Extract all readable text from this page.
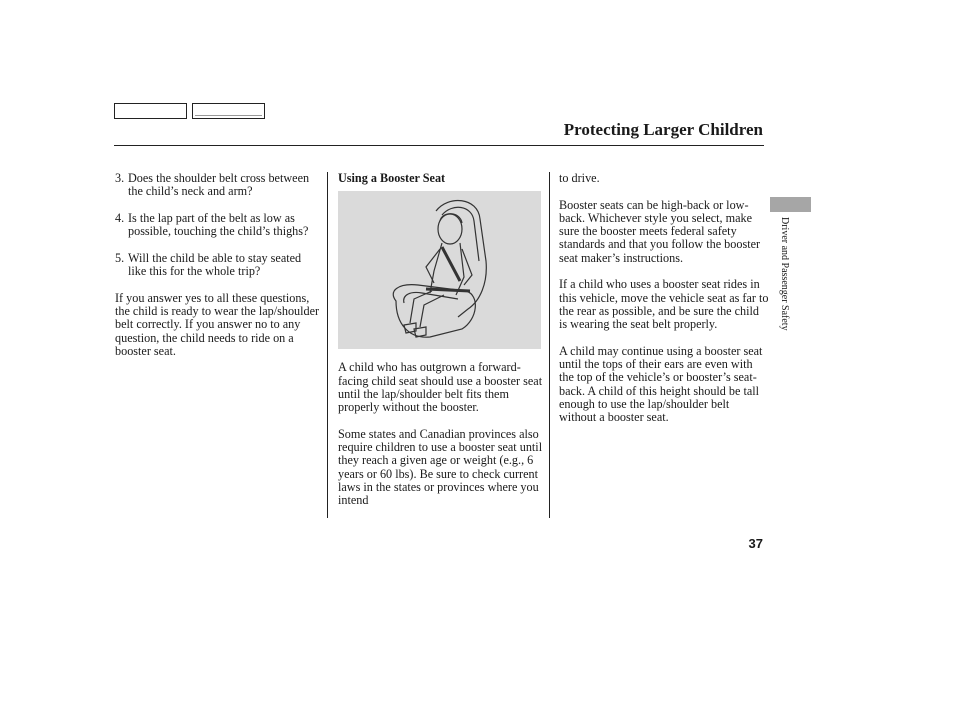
Protecting Larger Children
3. Does the shoulder belt cross between the child’s neck and arm?
4. Is the lap part of the belt as low as possible, touching the child’s thighs?
5. Will the child be able to stay seated like this for the whole trip?

If you answer yes to all these questions, the child is ready to wear the lap/shoulder belt correctly. If you answer no to any question, the child needs to ride on a booster seat.

Using a Booster Seat

A child who has outgrown a forward-facing child seat should use a booster seat until the lap/shoulder belt fits them properly without the booster.

Some states and Canadian provinces also require children to use a booster seat until they reach a given age or weight (e.g., 6 years or 60 lbs). Be sure to check current laws in the states or provinces where you intend

to drive.

Booster seats can be high-back or low-back. Whichever style you select, make sure the booster meets federal safety standards and that you follow the booster seat maker’s instructions.

If a child who uses a booster seat rides in this vehicle, move the vehicle seat as far to the rear as possible, and be sure the child is wearing the seat belt properly.

A child may continue using a booster seat until the tops of their ears are even with the top of the vehicle’s or booster’s seat-back. A child of this height should be tall enough to use the lap/shoulder belt without a booster seat.

Driver and Passenger Safety
37
